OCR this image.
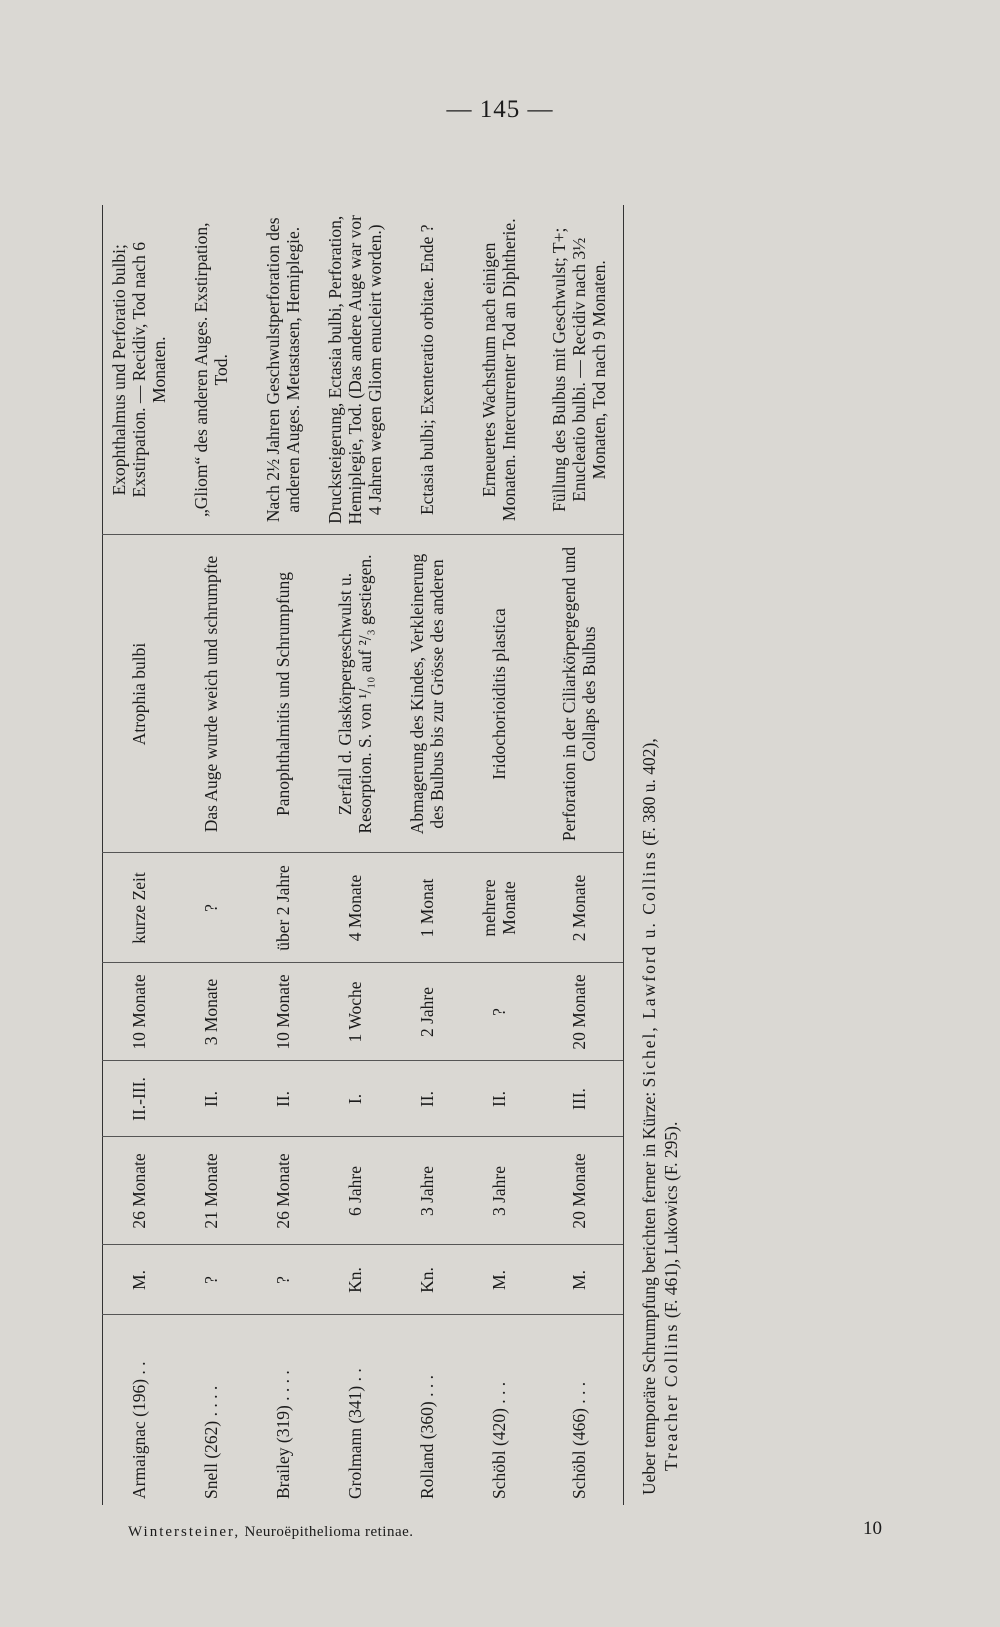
— 145 —
Armaignac (196) . .	M.	26 Monate	II.-III.	10 Monate	kurze Zeit	Atrophia bulbi	Exophthalmus und Perforatio bulbi; Exstirpation. — Recidiv, Tod nach 6 Monaten.
Snell (262) . . . .	?	21 Monate	II.	3 Monate	?	Das Auge wurde weich und schrumpfte	„Gliom“ des anderen Auges. Exstirpation, Tod.
Brailey (319) . . . .	?	26 Monate	II.	10 Monate	über 2 Jahre	Panophthalmitis und Schrumpfung	Nach 2½ Jahren Geschwulstperforation des anderen Auges. Metastasen, Hemiplegie.
Grolmann (341) . .	Kn.	6 Jahre	I.	1 Woche	4 Monate	Zerfall d. Glaskörpergeschwulst u. Resorption. S. von ¹/₁₀ auf ²/₃ gestiegen.	Drucksteigerung, Ectasia bulbi, Perforation, Hemiplegie, Tod. (Das andere Auge war vor 4 Jahren wegen Gliom enucleirt worden.)
Rolland (360) . . .	Kn.	3 Jahre	II.	2 Jahre	1 Monat	Abmagerung des Kindes, Verkleinerung des Bulbus bis zur Grösse des anderen	Ectasia bulbi; Exenteratio orbitae. Ende ?
Schöbl (420) . . .	M.	3 Jahre	II.	?	mehrere Monate	Iridochorioiditis plastica	Erneuertes Wachsthum nach einigen Monaten. Intercurrenter Tod an Diphtherie.
Schöbl (466) . . .	M.	20 Monate	III.	20 Monate	2 Monate	Perforation in der Ciliarkörpergegend und Collaps des Bulbus	Füllung des Bulbus mit Geschwulst; T+; Enucleatio bulbi. — Recidiv nach 3½ Monaten, Tod nach 9 Monaten.
Ueber temporäre Schrumpfung berichten ferner in Kürze: Sichel, Lawford u. Collins (F. 380 u. 402),
Treacher Collins (F. 461), Lukowics (F. 295).
Wintersteiner, Neuroëpithelioma retinae.	10
